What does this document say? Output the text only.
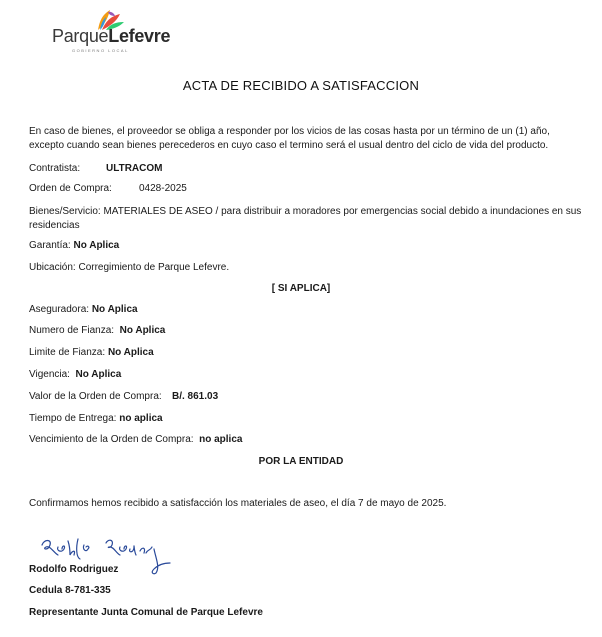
ParqueLefevre
GOBIERNO LOCAL
ACTA DE RECIBIDO A SATISFACCION
En caso de bienes, el proveedor se obliga a responder por los vicios de las cosas hasta por un término de un (1) año,
excepto cuando sean bienes perecederos en cuyo caso el termino será el usual dentro del ciclo de vida del producto.
Contratista:	ULTRACOM
Orden de Compra:	0428-2025
Bienes/Servicio: MATERIALES DE ASEO / para distribuir a moradores por emergencias social debido a inundaciones en sus
residencias
Garantía: No Aplica
Ubicación: Corregimiento de Parque Lefevre.
[ SI APLICA]
Aseguradora: No Aplica
Numero de Fianza: No Aplica
Limite de Fianza: No Aplica
Vigencia: No Aplica
Valor de la Orden de Compra: B/. 861.03
Tiempo de Entrega: no aplica
Vencimiento de la Orden de Compra: no aplica
POR LA ENTIDAD
Confirmamos hemos recibido a satisfacción los materiales de aseo, el día 7 de mayo de 2025.
Rodolfo Rodriguez
Cedula 8-781-335
Representante Junta Comunal de Parque Lefevre
